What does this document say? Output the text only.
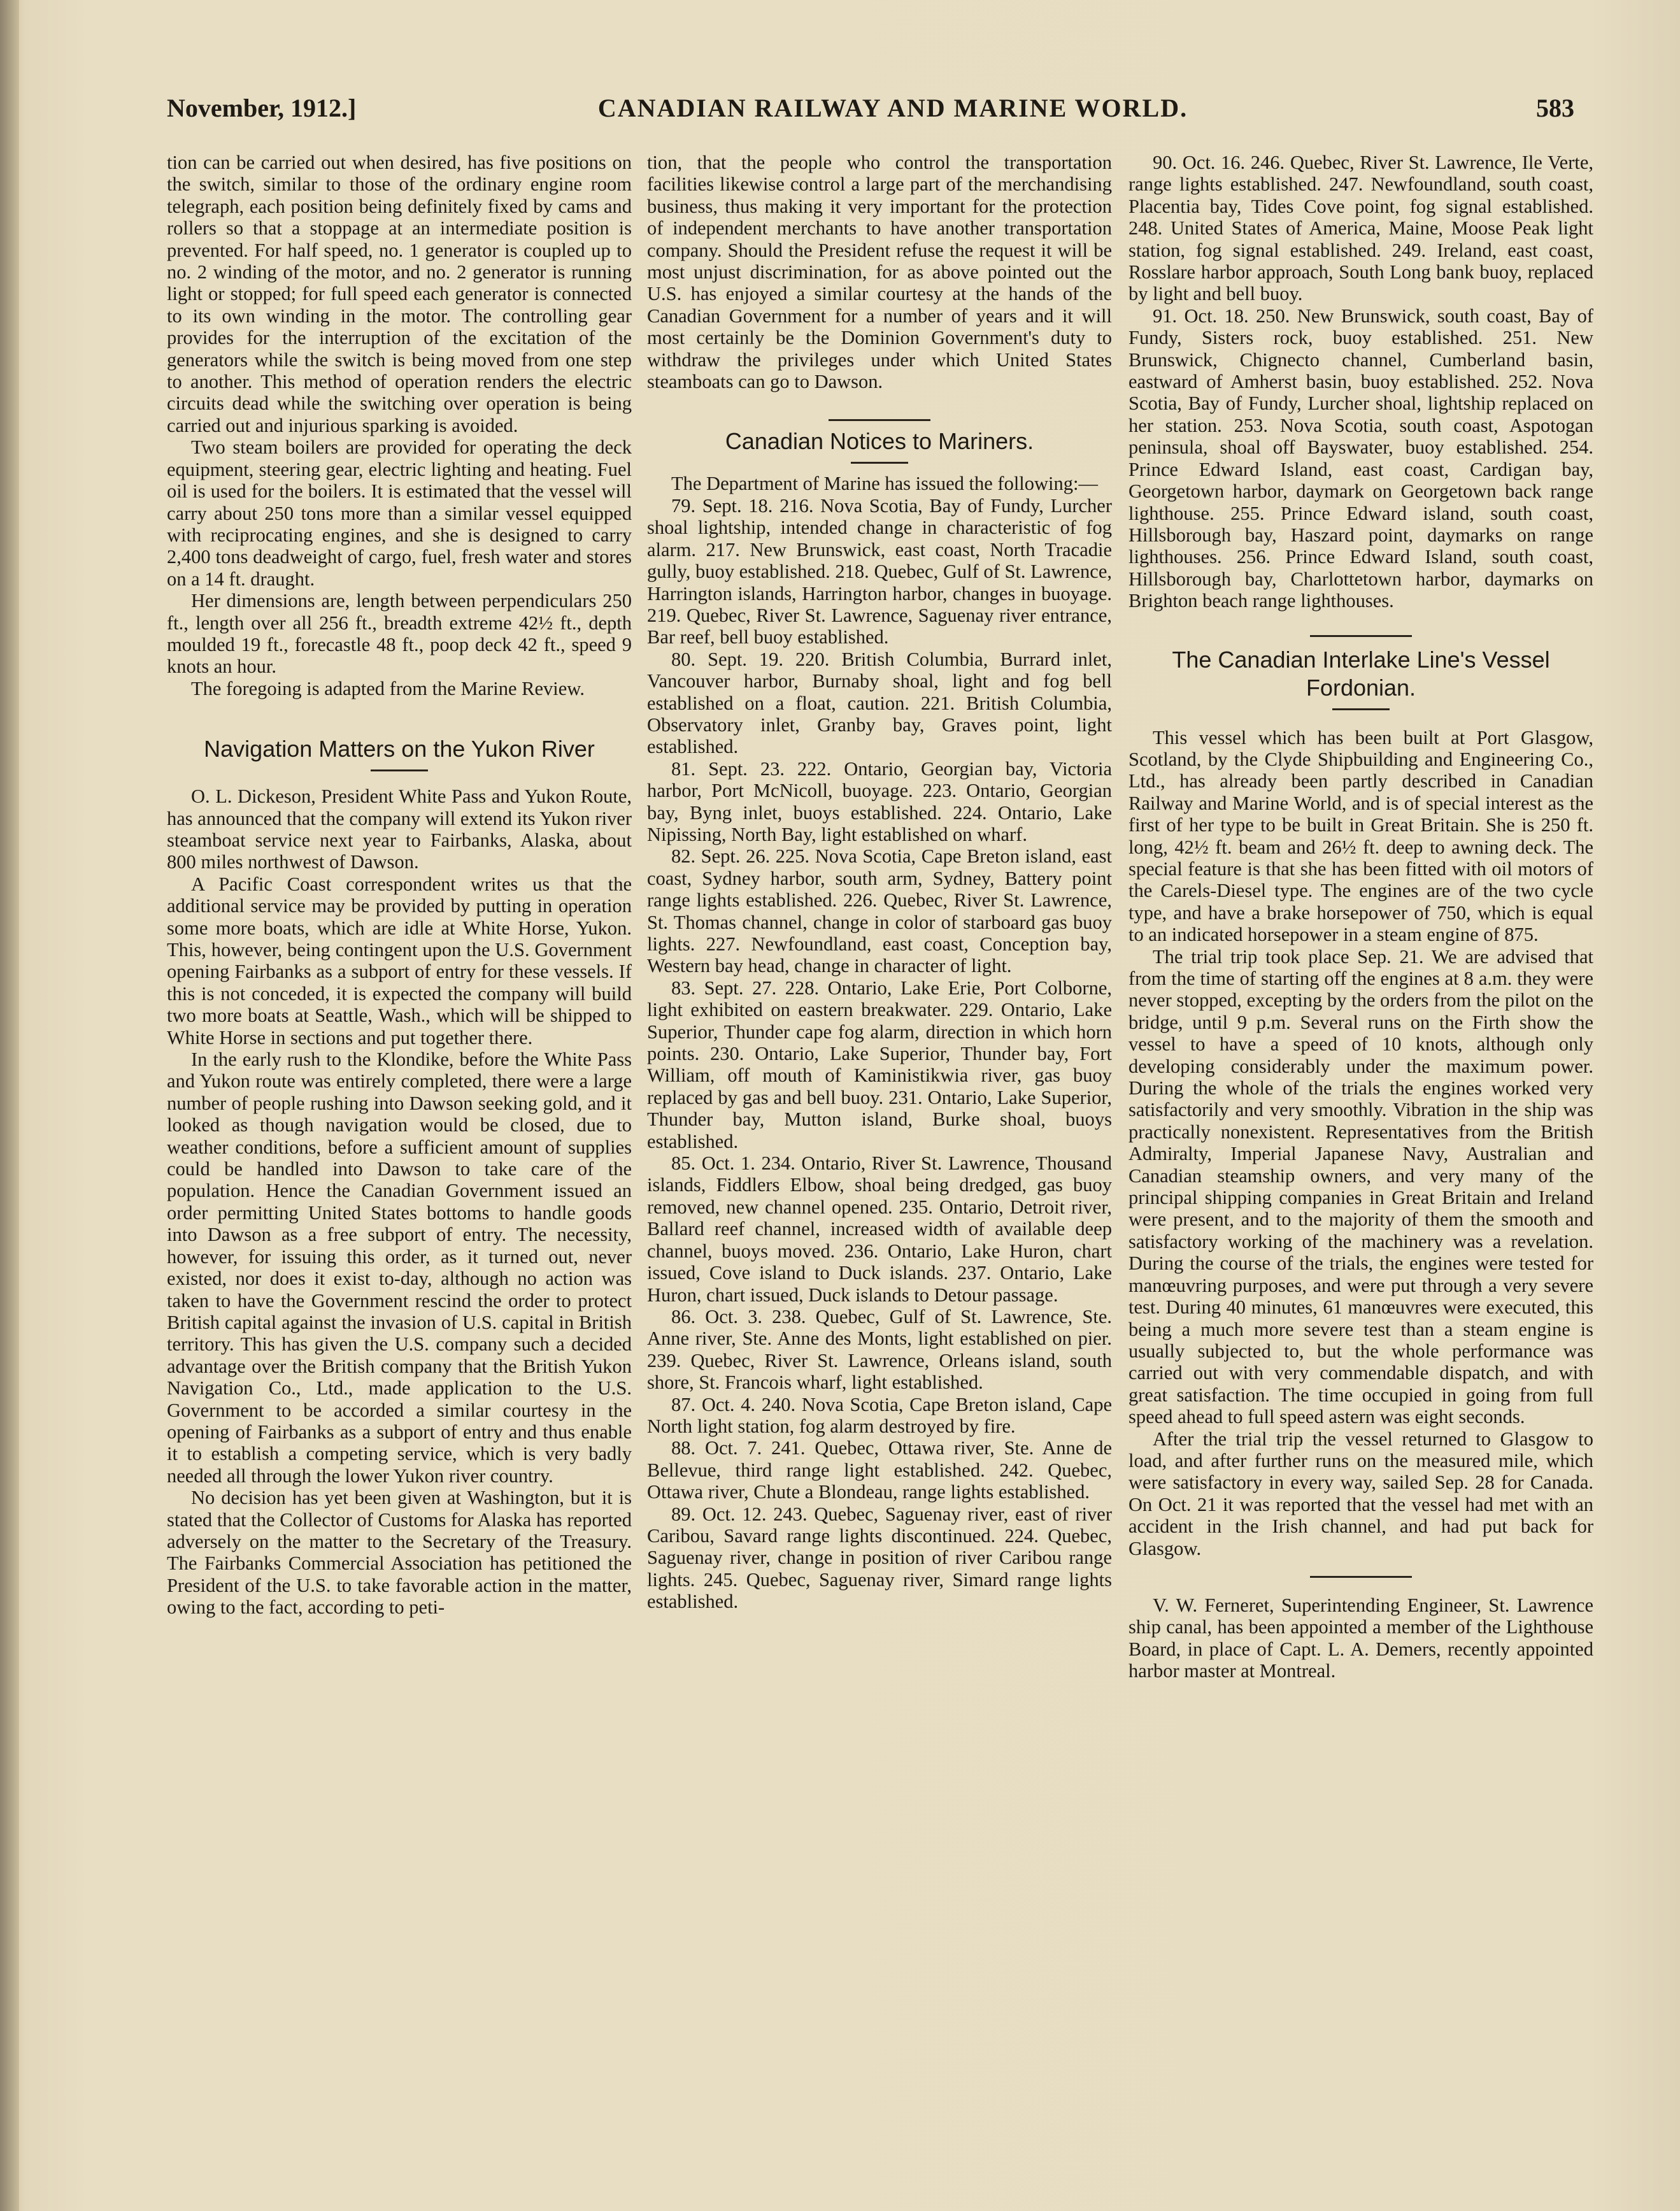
November, 1912.]	CANADIAN RAILWAY AND MARINE WORLD.	583

tion can be carried out when desired, has five positions on the switch, similar to those of the ordinary engine room telegraph, each position being definitely fixed by cams and rollers so that a stoppage at an intermediate position is prevented. For half speed, no. 1 generator is coupled up to no. 2 winding of the motor, and no. 2 generator is running light or stopped; for full speed each generator is connected to its own winding in the motor. The controlling gear provides for the interruption of the excitation of the generators while the switch is being moved from one step to another. This method of operation renders the electric circuits dead while the switching over operation is being carried out and injurious sparking is avoided.

Two steam boilers are provided for operating the deck equipment, steering gear, electric lighting and heating. Fuel oil is used for the boilers. It is estimated that the vessel will carry about 250 tons more than a similar vessel equipped with reciprocating engines, and she is designed to carry 2,400 tons deadweight of cargo, fuel, fresh water and stores on a 14 ft. draught.

Her dimensions are, length between perpendiculars 250 ft., length over all 256 ft., breadth extreme 42½ ft., depth moulded 19 ft., forecastle 48 ft., poop deck 42 ft., speed 9 knots an hour.

The foregoing is adapted from the Marine Review.

Navigation Matters on the Yukon River

O. L. Dickeson, President White Pass and Yukon Route, has announced that the company will extend its Yukon river steamboat service next year to Fairbanks, Alaska, about 800 miles northwest of Dawson.

A Pacific Coast correspondent writes us that the additional service may be provided by putting in operation some more boats, which are idle at White Horse, Yukon. This, however, being contingent upon the U.S. Government opening Fairbanks as a subport of entry for these vessels. If this is not conceded, it is expected the company will build two more boats at Seattle, Wash., which will be shipped to White Horse in sections and put together there.

In the early rush to the Klondike, before the White Pass and Yukon route was entirely completed, there were a large number of people rushing into Dawson seeking gold, and it looked as though navigation would be closed, due to weather conditions, before a sufficient amount of supplies could be handled into Dawson to take care of the population. Hence the Canadian Government issued an order permitting United States bottoms to handle goods into Dawson as a free subport of entry. The necessity, however, for issuing this order, as it turned out, never existed, nor does it exist to-day, although no action was taken to have the Government rescind the order to protect British capital against the invasion of U.S. capital in British territory. This has given the U.S. company such a decided advantage over the British company that the British Yukon Navigation Co., Ltd., made application to the U.S. Government to be accorded a similar courtesy in the opening of Fairbanks as a subport of entry and thus enable it to establish a competing service, which is very badly needed all through the lower Yukon river country.

No decision has yet been given at Washington, but it is stated that the Collector of Customs for Alaska has reported adversely on the matter to the Secretary of the Treasury. The Fairbanks Commercial Association has petitioned the President of the U.S. to take favorable action in the matter, owing to the fact, according to peti-

tion, that the people who control the transportation facilities likewise control a large part of the merchandising business, thus making it very important for the protection of independent merchants to have another transportation company. Should the President refuse the request it will be most unjust discrimination, for as above pointed out the U.S. has enjoyed a similar courtesy at the hands of the Canadian Government for a number of years and it will most certainly be the Dominion Government's duty to withdraw the privileges under which United States steamboats can go to Dawson.

Canadian Notices to Mariners.

The Department of Marine has issued the following:—

79. Sept. 18. 216. Nova Scotia, Bay of Fundy, Lurcher shoal lightship, intended change in characteristic of fog alarm. 217. New Brunswick, east coast, North Tracadie gully, buoy established. 218. Quebec, Gulf of St. Lawrence, Harrington islands, Harrington harbor, changes in buoyage. 219. Quebec, River St. Lawrence, Saguenay river entrance, Bar reef, bell buoy established.

80. Sept. 19. 220. British Columbia, Burrard inlet, Vancouver harbor, Burnaby shoal, light and fog bell established on a float, caution. 221. British Columbia, Observatory inlet, Granby bay, Graves point, light established.

81. Sept. 23. 222. Ontario, Georgian bay, Victoria harbor, Port McNicoll, buoyage. 223. Ontario, Georgian bay, Byng inlet, buoys established. 224. Ontario, Lake Nipissing, North Bay, light established on wharf.

82. Sept. 26. 225. Nova Scotia, Cape Breton island, east coast, Sydney harbor, south arm, Sydney, Battery point range lights established. 226. Quebec, River St. Lawrence, St. Thomas channel, change in color of starboard gas buoy lights. 227. Newfoundland, east coast, Conception bay, Western bay head, change in character of light.

83. Sept. 27. 228. Ontario, Lake Erie, Port Colborne, light exhibited on eastern breakwater. 229. Ontario, Lake Superior, Thunder cape fog alarm, direction in which horn points. 230. Ontario, Lake Superior, Thunder bay, Fort William, off mouth of Kaministikwia river, gas buoy replaced by gas and bell buoy. 231. Ontario, Lake Superior, Thunder bay, Mutton island, Burke shoal, buoys established.

85. Oct. 1. 234. Ontario, River St. Lawrence, Thousand islands, Fiddlers Elbow, shoal being dredged, gas buoy removed, new channel opened. 235. Ontario, Detroit river, Ballard reef channel, increased width of available deep channel, buoys moved. 236. Ontario, Lake Huron, chart issued, Cove island to Duck islands. 237. Ontario, Lake Huron, chart issued, Duck islands to Detour passage.

86. Oct. 3. 238. Quebec, Gulf of St. Lawrence, Ste. Anne river, Ste. Anne des Monts, light established on pier. 239. Quebec, River St. Lawrence, Orleans island, south shore, St. Francois wharf, light established.

87. Oct. 4. 240. Nova Scotia, Cape Breton island, Cape North light station, fog alarm destroyed by fire.

88. Oct. 7. 241. Quebec, Ottawa river, Ste. Anne de Bellevue, third range light established. 242. Quebec, Ottawa river, Chute a Blondeau, range lights established.

89. Oct. 12. 243. Quebec, Saguenay river, east of river Caribou, Savard range lights discontinued. 224. Quebec, Saguenay river, change in position of river Caribou range lights. 245. Quebec, Saguenay river, Simard range lights established.

90. Oct. 16. 246. Quebec, River St. Lawrence, Ile Verte, range lights established. 247. Newfoundland, south coast, Placentia bay, Tides Cove point, fog signal established. 248. United States of America, Maine, Moose Peak light station, fog signal established. 249. Ireland, east coast, Rosslare harbor approach, South Long bank buoy, replaced by light and bell buoy.

91. Oct. 18. 250. New Brunswick, south coast, Bay of Fundy, Sisters rock, buoy established. 251. New Brunswick, Chignecto channel, Cumberland basin, eastward of Amherst basin, buoy established. 252. Nova Scotia, Bay of Fundy, Lurcher shoal, lightship replaced on her station. 253. Nova Scotia, south coast, Aspotogan peninsula, shoal off Bayswater, buoy established. 254. Prince Edward Island, east coast, Cardigan bay, Georgetown harbor, daymark on Georgetown back range lighthouse. 255. Prince Edward island, south coast, Hillsborough bay, Haszard point, daymarks on range lighthouses. 256. Prince Edward Island, south coast, Hillsborough bay, Charlottetown harbor, daymarks on Brighton beach range lighthouses.

The Canadian Interlake Line's Vessel Fordonian.

This vessel which has been built at Port Glasgow, Scotland, by the Clyde Shipbuilding and Engineering Co., Ltd., has already been partly described in Canadian Railway and Marine World, and is of special interest as the first of her type to be built in Great Britain. She is 250 ft. long, 42½ ft. beam and 26½ ft. deep to awning deck. The special feature is that she has been fitted with oil motors of the Carels-Diesel type. The engines are of the two cycle type, and have a brake horsepower of 750, which is equal to an indicated horsepower in a steam engine of 875.

The trial trip took place Sep. 21. We are advised that from the time of starting off the engines at 8 a.m. they were never stopped, excepting by the orders from the pilot on the bridge, until 9 p.m. Several runs on the Firth show the vessel to have a speed of 10 knots, although only developing considerably under the maximum power. During the whole of the trials the engines worked very satisfactorily and very smoothly. Vibration in the ship was practically nonexistent. Representatives from the British Admiralty, Imperial Japanese Navy, Australian and Canadian steamship owners, and very many of the principal shipping companies in Great Britain and Ireland were present, and to the majority of them the smooth and satisfactory working of the machinery was a revelation. During the course of the trials, the engines were tested for manœuvring purposes, and were put through a very severe test. During 40 minutes, 61 manœuvres were executed, this being a much more severe test than a steam engine is usually subjected to, but the whole performance was carried out with very commendable dispatch, and with great satisfaction. The time occupied in going from full speed ahead to full speed astern was eight seconds.

After the trial trip the vessel returned to Glasgow to load, and after further runs on the measured mile, which were satisfactory in every way, sailed Sep. 28 for Canada. On Oct. 21 it was reported that the vessel had met with an accident in the Irish channel, and had put back for Glasgow.

V. W. Ferneret, Superintending Engineer, St. Lawrence ship canal, has been appointed a member of the Lighthouse Board, in place of Capt. L. A. Demers, recently appointed harbor master at Montreal.
